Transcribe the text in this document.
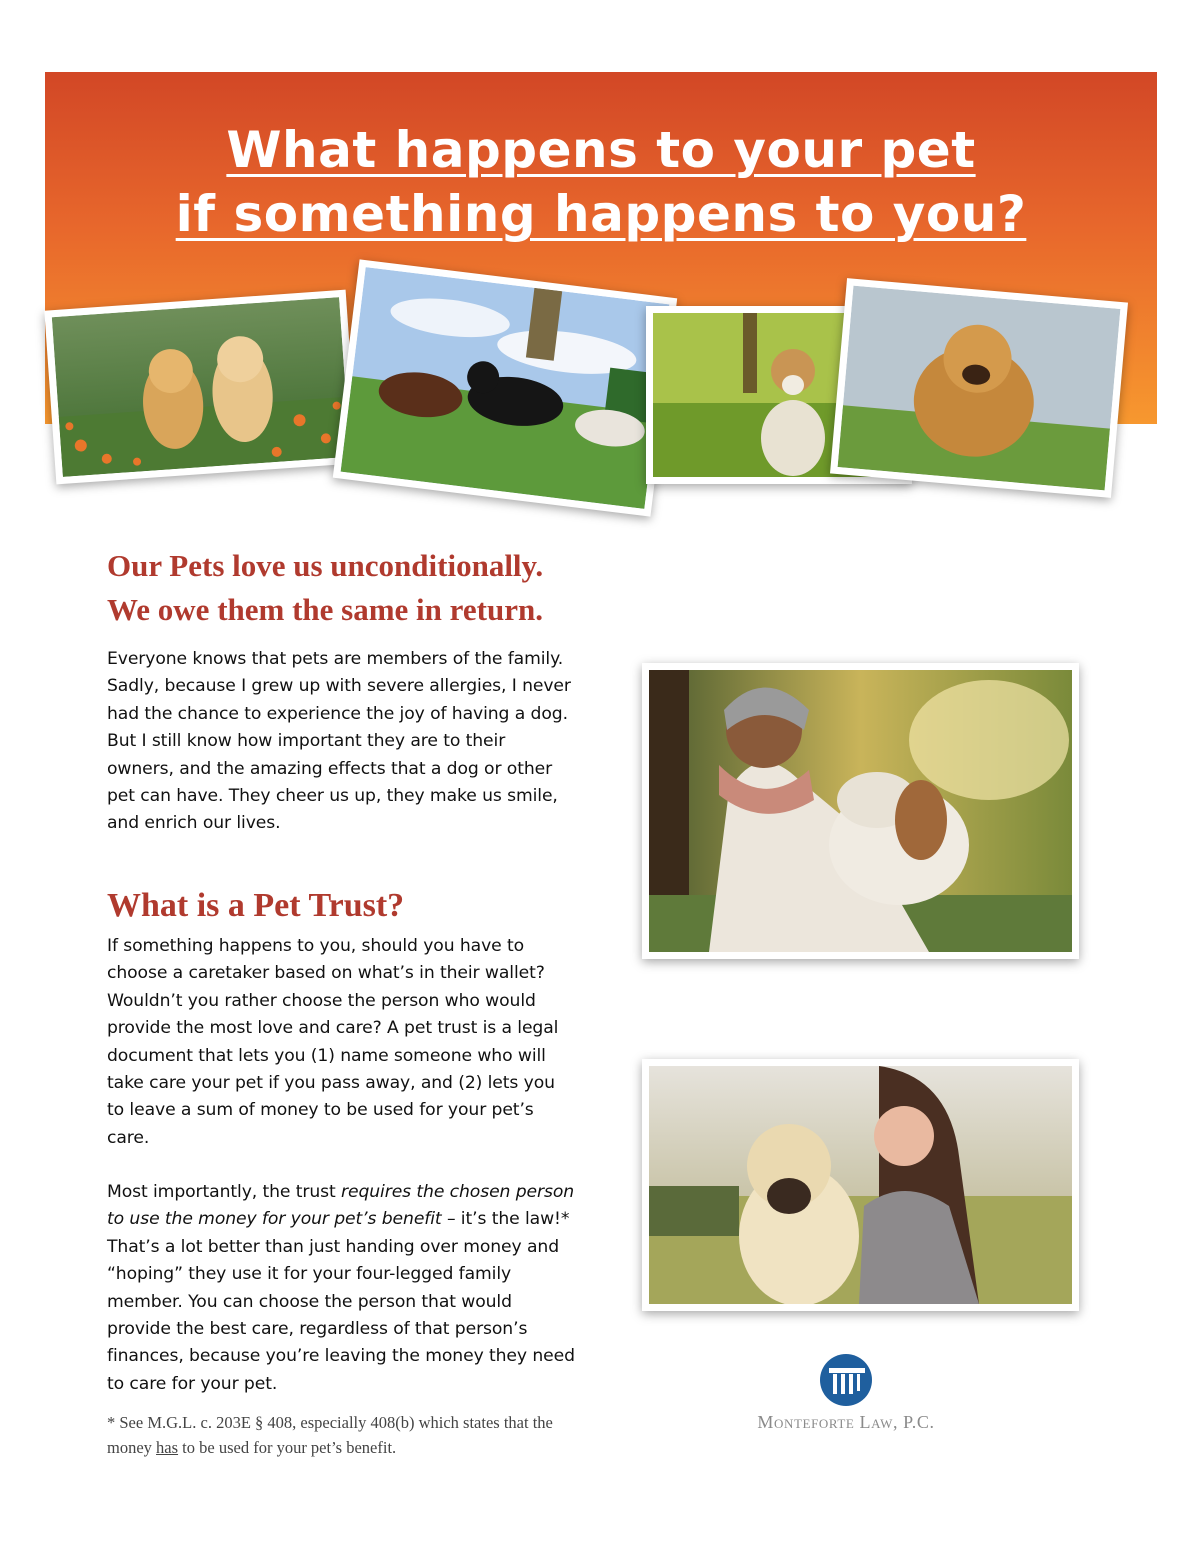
What happens to your pet
if something happens to you?
Our Pets love us unconditionally.
We owe them the same in return.

Everyone knows that pets are members of the family. Sadly, because I grew up with severe allergies, I never had the chance to experience the joy of having a dog. But I still know how important they are to their owners, and the amazing effects that a dog or other pet can have. They cheer us up, they make us smile, and enrich our lives.

What is a Pet Trust?

If something happens to you, should you have to choose a caretaker based on what’s in their wallet? Wouldn’t you rather choose the person who would provide the most love and care? A pet trust is a legal document that lets you (1) name someone who will take care your pet if you pass away, and (2) lets you to leave a sum of money to be used for your pet’s care.

Most importantly, the trust requires the chosen person to use the money for your pet’s benefit – it’s the law!* That’s a lot better than just handing over money and “hoping” they use it for your four-legged family member. You can choose the person that would provide the best care, regardless of that person’s finances, because you’re leaving the money they need to care for your pet.

* See M.G.L. c. 203E § 408, especially 408(b) which states that the money has to be used for your pet’s benefit.

Monteforte Law, P.C.
